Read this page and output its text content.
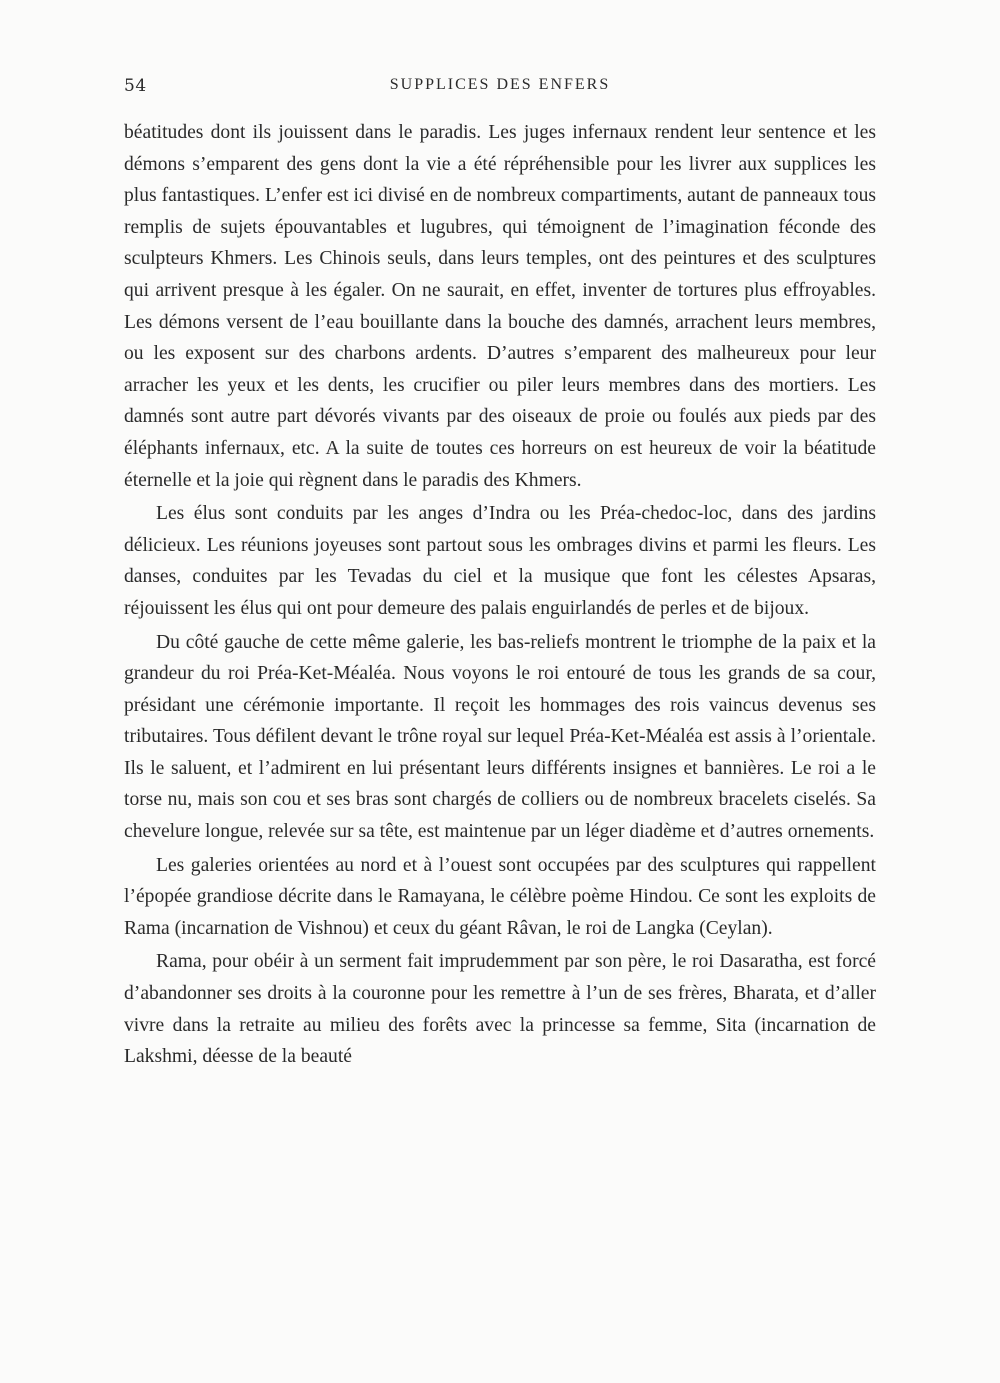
54	SUPPLICES DES ENFERS

béatitudes dont ils jouissent dans le paradis. Les juges infernaux rendent leur sentence et les démons s’emparent des gens dont la vie a été répréhensible pour les livrer aux supplices les plus fantastiques. L’enfer est ici divisé en de nombreux compartiments, autant de panneaux tous remplis de sujets épouvantables et lugubres, qui témoignent de l’imagination féconde des sculpteurs Khmers. Les Chinois seuls, dans leurs temples, ont des peintures et des sculptures qui arrivent presque à les égaler. On ne saurait, en effet, inventer de tortures plus effroyables. Les démons versent de l’eau bouillante dans la bouche des damnés, arrachent leurs membres, ou les exposent sur des charbons ardents. D’autres s’emparent des malheureux pour leur arracher les yeux et les dents, les crucifier ou piler leurs membres dans des mortiers. Les damnés sont autre part dévorés vivants par des oiseaux de proie ou foulés aux pieds par des éléphants infernaux, etc. A la suite de toutes ces horreurs on est heureux de voir la béatitude éternelle et la joie qui règnent dans le paradis des Khmers.

Les élus sont conduits par les anges d’Indra ou les Préa-chedoc-loc, dans des jardins délicieux. Les réunions joyeuses sont partout sous les ombrages divins et parmi les fleurs. Les danses, conduites par les Tevadas du ciel et la musique que font les célestes Apsaras, réjouissent les élus qui ont pour demeure des palais enguirlandés de perles et de bijoux.

Du côté gauche de cette même galerie, les bas-reliefs montrent le triomphe de la paix et la grandeur du roi Préa-Ket-Méaléa. Nous voyons le roi entouré de tous les grands de sa cour, présidant une cérémonie importante. Il reçoit les hommages des rois vaincus devenus ses tributaires. Tous défilent devant le trône royal sur lequel Préa-Ket-Méaléa est assis à l’orientale. Ils le saluent, et l’admirent en lui présentant leurs différents insignes et bannières. Le roi a le torse nu, mais son cou et ses bras sont chargés de colliers ou de nombreux bracelets ciselés. Sa chevelure longue, relevée sur sa tête, est maintenue par un léger diadème et d’autres ornements.

Les galeries orientées au nord et à l’ouest sont occupées par des sculptures qui rappellent l’épopée grandiose décrite dans le Ramayana, le célèbre poème Hindou. Ce sont les exploits de Rama (incarnation de Vishnou) et ceux du géant Râvan, le roi de Langka (Ceylan).

Rama, pour obéir à un serment fait imprudemment par son père, le roi Dasaratha, est forcé d’abandonner ses droits à la couronne pour les remettre à l’un de ses frères, Bharata, et d’aller vivre dans la retraite au milieu des forêts avec la princesse sa femme, Sita (incarnation de Lakshmi, déesse de la beauté
